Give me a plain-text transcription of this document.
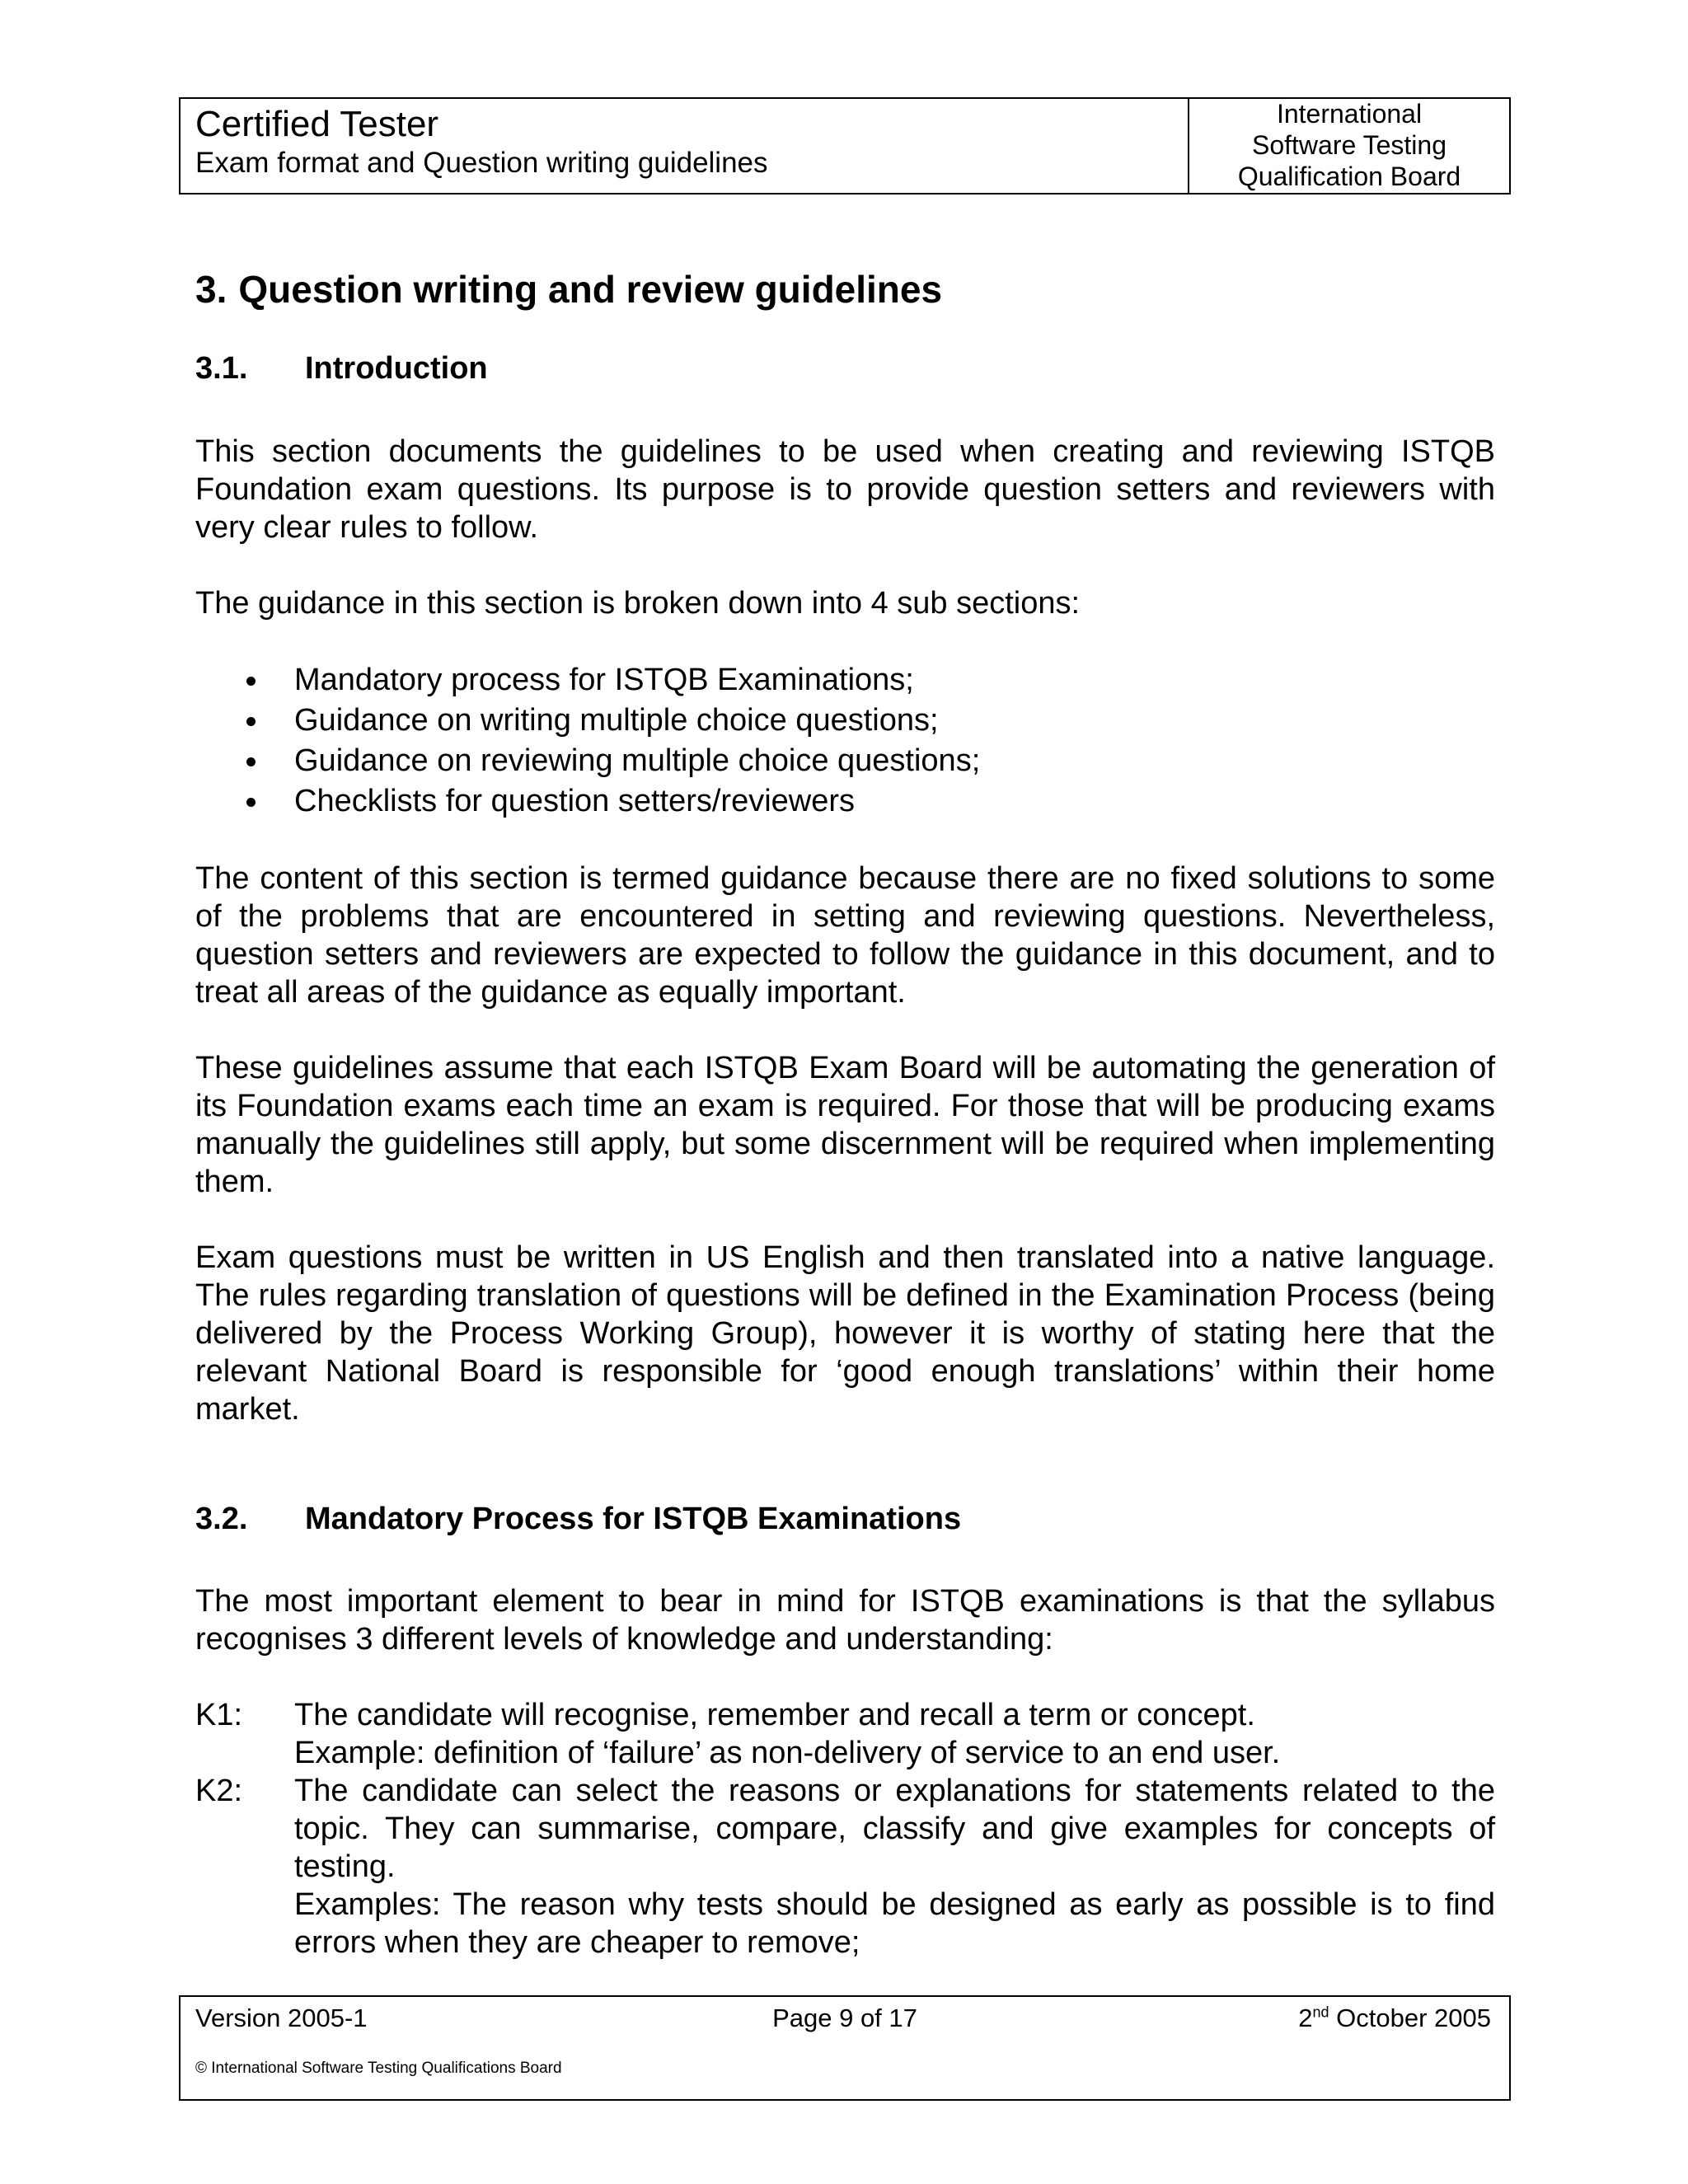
Certified Tester
Exam format and Question writing guidelines
International
Software Testing
Qualification Board
3. Question writing and review guidelines
3.1. Introduction

This section documents the guidelines to be used when creating and reviewing ISTQB Foundation exam questions. Its purpose is to provide question setters and reviewers with very clear rules to follow.

The guidance in this section is broken down into 4 sub sections:

Mandatory process for ISTQB Examinations;
Guidance on writing multiple choice questions;
Guidance on reviewing multiple choice questions;
Checklists for question setters/reviewers

The content of this section is termed guidance because there are no fixed solutions to some of the problems that are encountered in setting and reviewing questions. Nevertheless, question setters and reviewers are expected to follow the guidance in this document, and to treat all areas of the guidance as equally important.

These guidelines assume that each ISTQB Exam Board will be automating the generation of its Foundation exams each time an exam is required. For those that will be producing exams manually the guidelines still apply, but some discernment will be required when implementing them.

Exam questions must be written in US English and then translated into a native language. The rules regarding translation of questions will be defined in the Examination Process (being delivered by the Process Working Group), however it is worthy of stating here that the relevant National Board is responsible for ‘good enough translations’ within their home market.

3.2. Mandatory Process for ISTQB Examinations

The most important element to bear in mind for ISTQB examinations is that the syllabus recognises 3 different levels of knowledge and understanding:

K1:	The candidate will recognise, remember and recall a term or concept.

Example: definition of ‘failure’ as non-delivery of service to an end user.

K2:	The candidate can select the reasons or explanations for statements related to the topic. They can summarise, compare, classify and give examples for concepts of testing.

Examples: The reason why tests should be designed as early as possible is to find errors when they are cheaper to remove;

Version 2005-1	Page 9 of 17	2nd October 2005
© International Software Testing Qualifications Board
